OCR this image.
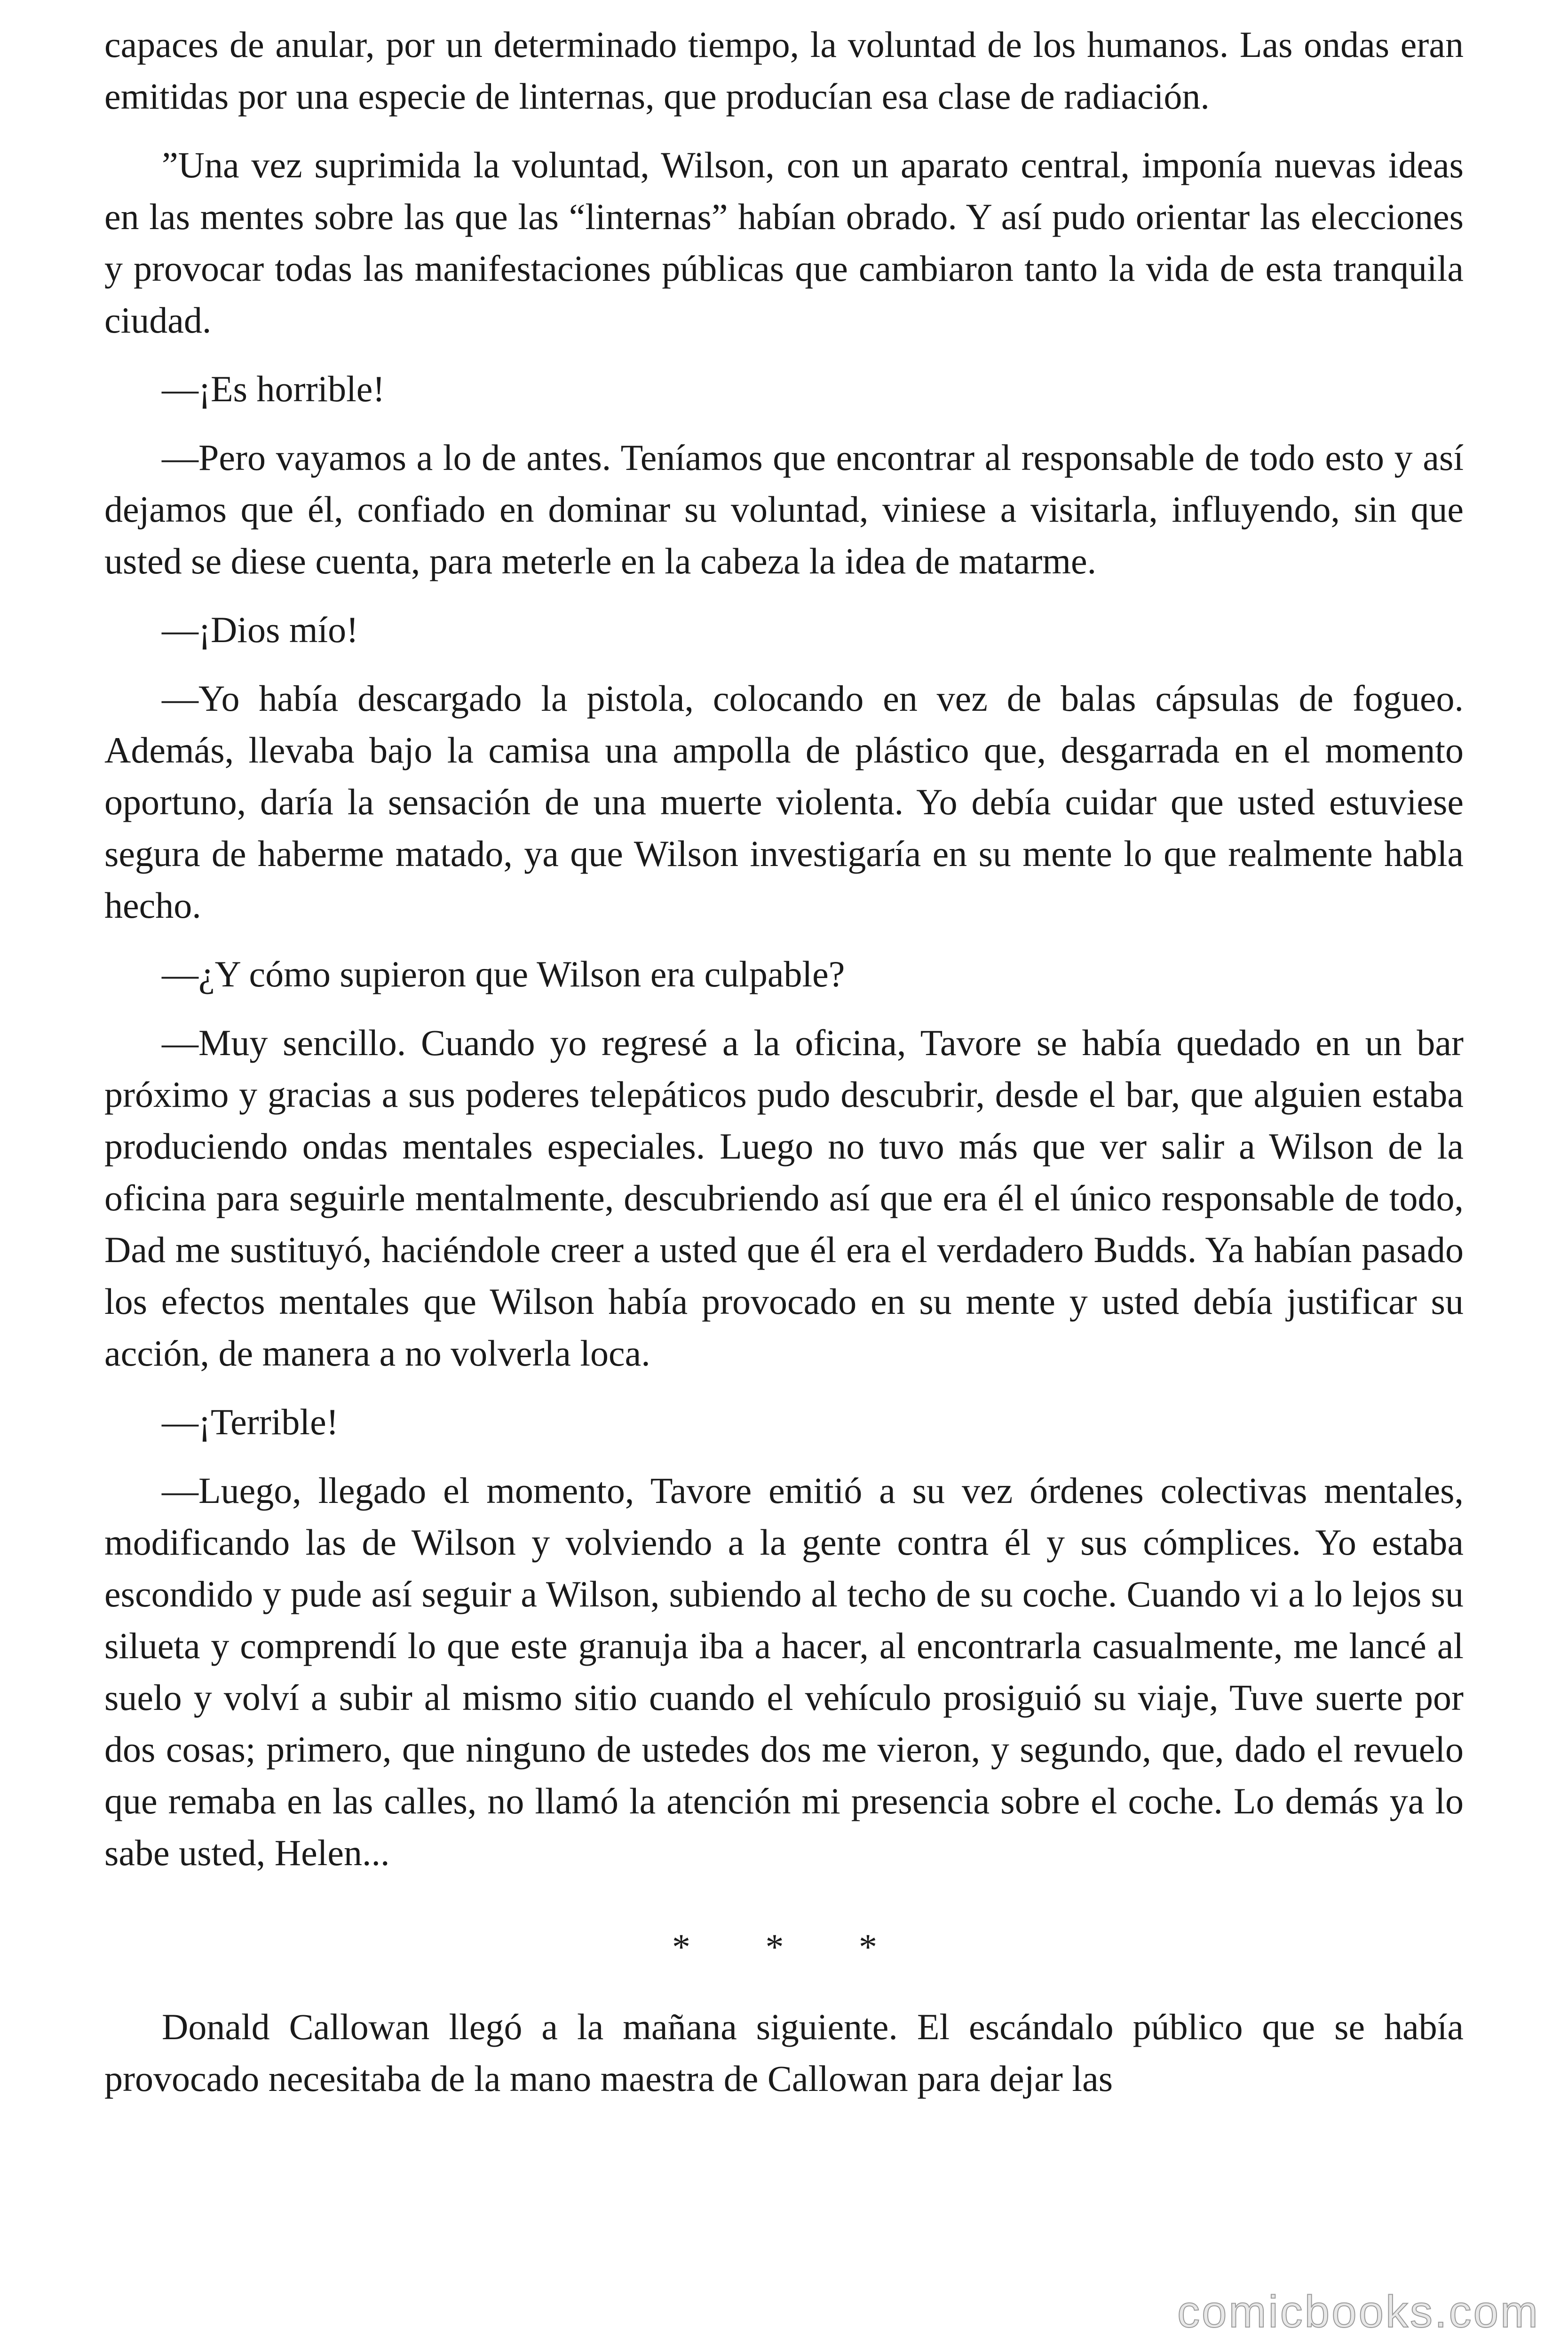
capaces de anular, por un determinado tiempo, la voluntad de los humanos. Las ondas eran emitidas por una especie de linternas, que producían esa clase de radiación.

”Una vez suprimida la voluntad, Wilson, con un aparato central, imponía nuevas ideas en las mentes sobre las que las “linternas” habían obrado. Y así pudo orientar las elecciones y provocar todas las manifestaciones públicas que cambiaron tanto la vida de esta tranquila ciudad.

—¡Es horrible!

—Pero vayamos a lo de antes. Teníamos que encontrar al responsable de todo esto y así dejamos que él, confiado en dominar su voluntad, viniese a visitarla, influyendo, sin que usted se diese cuenta, para meterle en la cabeza la idea de matarme.

—¡Dios mío!

—Yo había descargado la pistola, colocando en vez de balas cápsulas de fogueo. Además, llevaba bajo la camisa una ampolla de plástico que, desgarrada en el momento oportuno, daría la sensación de una muerte violenta. Yo debía cuidar que usted estuviese segura de haberme matado, ya que Wilson investigaría en su mente lo que realmente habla hecho.

—¿Y cómo supieron que Wilson era culpable?

—Muy sencillo. Cuando yo regresé a la oficina, Tavore se había quedado en un bar próximo y gracias a sus poderes telepáticos pudo descubrir, desde el bar, que alguien estaba produciendo ondas mentales especiales. Luego no tuvo más que ver salir a Wilson de la oficina para seguirle mentalmente, descubriendo así que era él el único responsable de todo, Dad me sustituyó, haciéndole creer a usted que él era el verdadero Budds. Ya habían pasado los efectos mentales que Wilson había provocado en su mente y usted debía justificar su acción, de manera a no volverla loca.

—¡Terrible!

—Luego, llegado el momento, Tavore emitió a su vez órdenes colectivas mentales, modificando las de Wilson y volviendo a la gente contra él y sus cómplices. Yo estaba escondido y pude así seguir a Wilson, subiendo al techo de su coche. Cuando vi a lo lejos su silueta y comprendí lo que este granuja iba a hacer, al encontrarla casualmente, me lancé al suelo y volví a subir al mismo sitio cuando el vehículo prosiguió su viaje, Tuve suerte por dos cosas; primero, que ninguno de ustedes dos me vieron, y segundo, que, dado el revuelo que remaba en las calles, no llamó la atención mi presencia sobre el coche. Lo demás ya lo sabe usted, Helen...

* * *

Donald Callowan llegó a la mañana siguiente. El escándalo público que se había provocado necesitaba de la mano maestra de Callowan para dejar las

comicbooks.com
